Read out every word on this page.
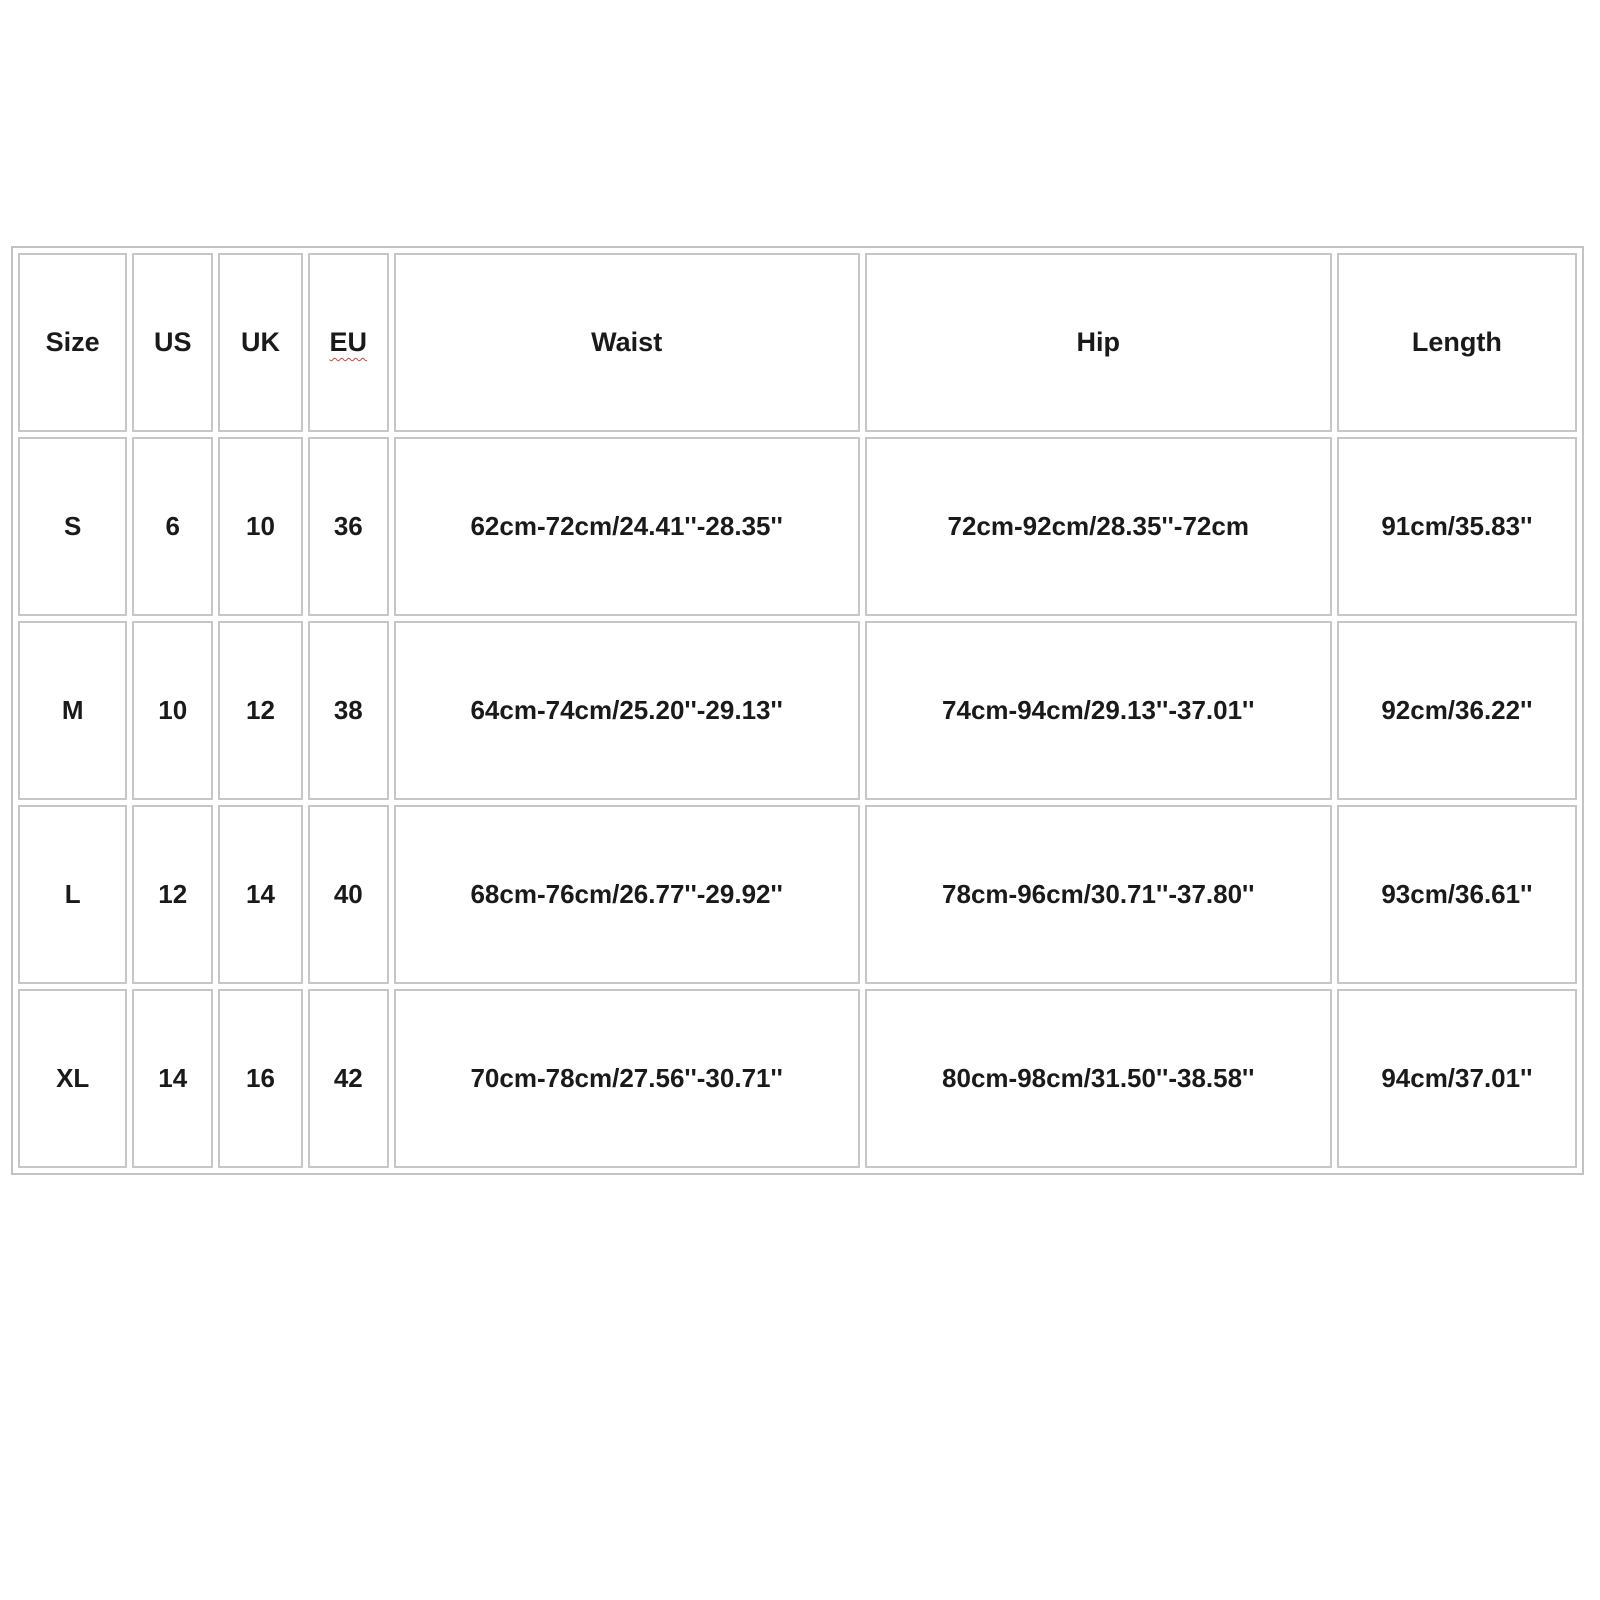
Size	US	UK	EU	Waist	Hip	Length
S	6	10	36	62cm-72cm/24.41''-28.35''	72cm-92cm/28.35''-72cm	91cm/35.83''
M	10	12	38	64cm-74cm/25.20''-29.13''	74cm-94cm/29.13''-37.01''	92cm/36.22''
L	12	14	40	68cm-76cm/26.77''-29.92''	78cm-96cm/30.71''-37.80''	93cm/36.61''
XL	14	16	42	70cm-78cm/27.56''-30.71''	80cm-98cm/31.50''-38.58''	94cm/37.01''
